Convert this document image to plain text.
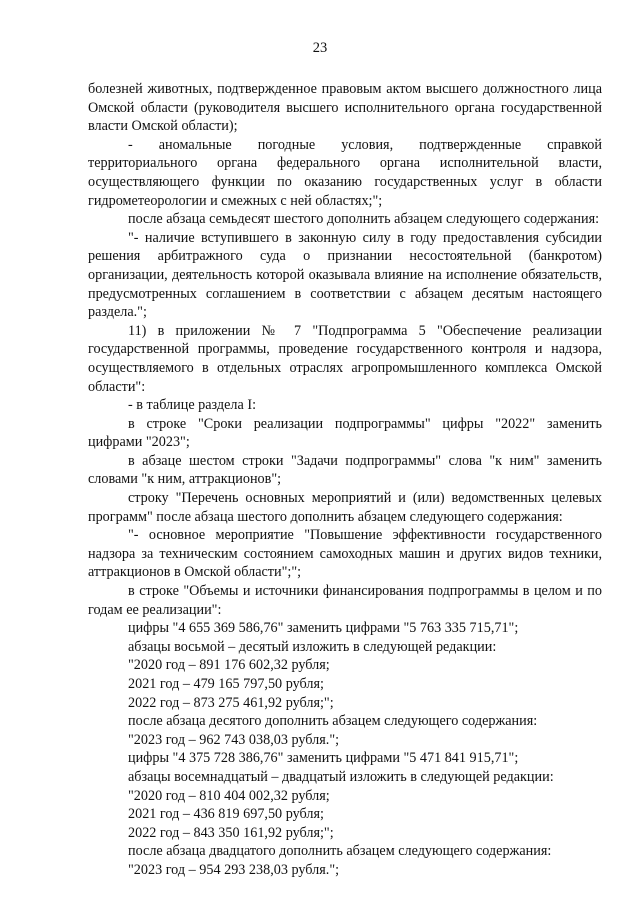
23

болезней животных, подтвержденное правовым актом высшего должностного лица Омской области (руководителя высшего исполнительного органа государственной власти Омской области);

- аномальные погодные условия, подтвержденные справкой территориального органа федерального органа исполнительной власти, осуществляющего функции по оказанию государственных услуг в области гидрометеорологии и смежных с ней областях;";

после абзаца семьдесят шестого дополнить абзацем следующего содержания:

"- наличие вступившего в законную силу в году предоставления субсидии решения арбитражного суда о признании несостоятельной (банкротом) организации, деятельность которой оказывала влияние на исполнение обязательств, предусмотренных соглашением в соответствии с абзацем десятым настоящего раздела.";

11) в приложении № 7 "Подпрограмма 5 "Обеспечение реализации государственной программы, проведение государственного контроля и надзора, осуществляемого в отдельных отраслях агропромышленного комплекса Омской области":

- в таблице раздела I:

в строке "Сроки реализации подпрограммы" цифры "2022" заменить цифрами "2023";

в абзаце шестом строки "Задачи подпрограммы" слова "к ним" заменить словами "к ним, аттракционов";

строку "Перечень основных мероприятий и (или) ведомственных целевых программ" после абзаца шестого дополнить абзацем следующего содержания:

"- основное мероприятие "Повышение эффективности государственного надзора за техническим состоянием самоходных машин и других видов техники, аттракционов в Омской области";";

в строке "Объемы и источники финансирования подпрограммы в целом и по годам ее реализации":

цифры "4 655 369 586,76" заменить цифрами "5 763 335 715,71";

абзацы восьмой – десятый изложить в следующей редакции:

"2020 год – 891 176 602,32 рубля;

2021 год – 479 165 797,50 рубля;

2022 год – 873 275 461,92 рубля;";

после абзаца десятого дополнить абзацем следующего содержания:

"2023 год – 962 743 038,03 рубля.";

цифры "4 375 728 386,76" заменить цифрами "5 471 841 915,71";

абзацы восемнадцатый – двадцатый изложить в следующей редакции:

"2020 год – 810 404 002,32 рубля;

2021 год – 436 819 697,50 рубля;

2022 год – 843 350 161,92 рубля;";

после абзаца двадцатого дополнить абзацем следующего содержания:

"2023 год – 954 293 238,03 рубля.";
